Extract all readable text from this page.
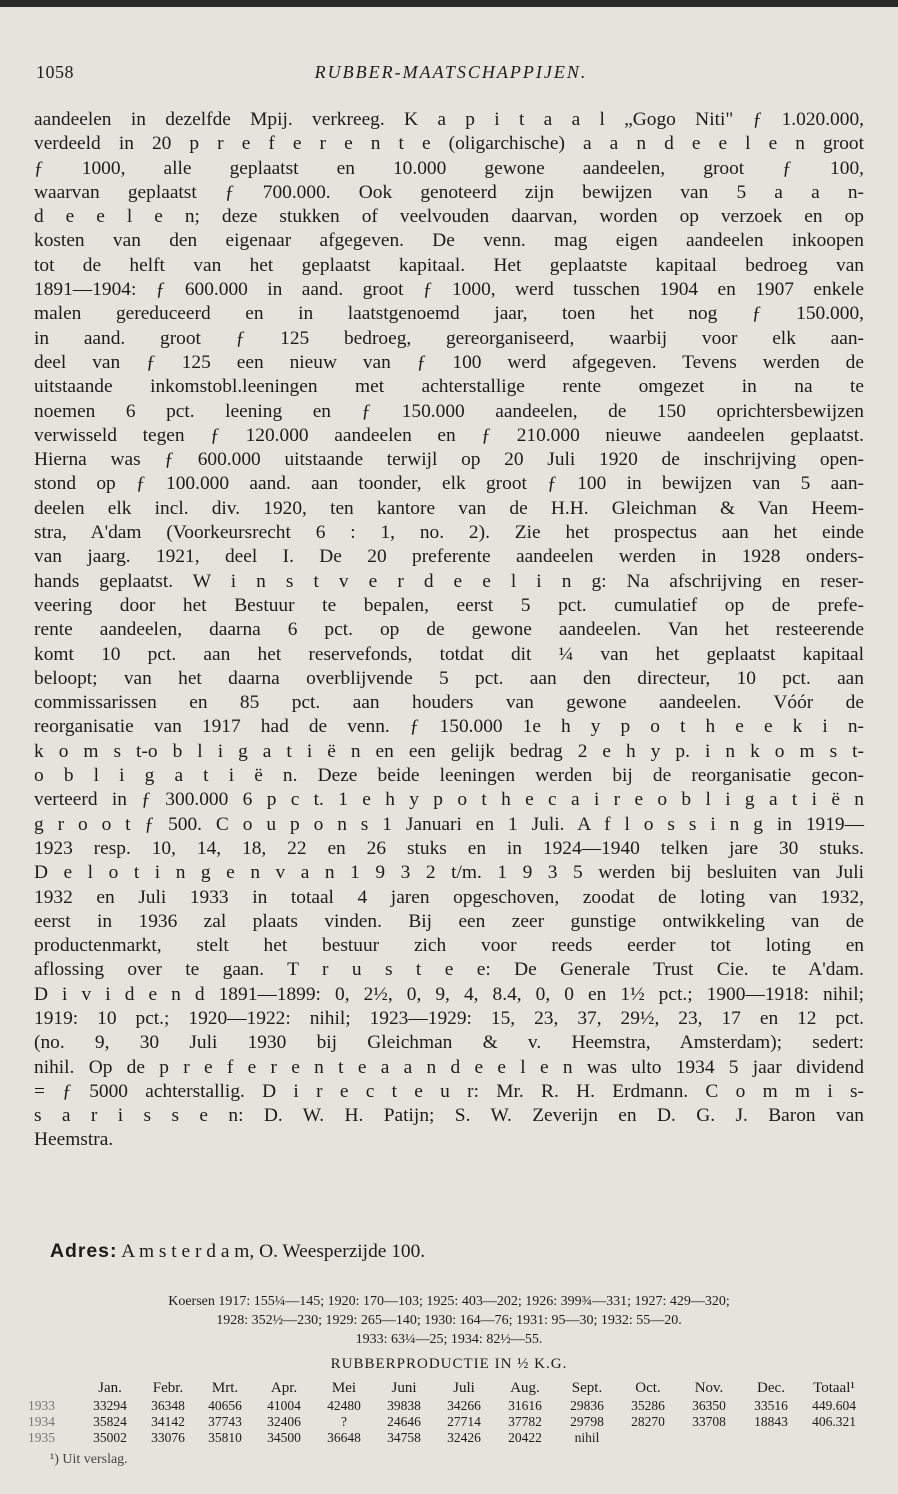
1058	RUBBER-MAATSCHAPPIJEN.
aandeelen in dezelfde Mpij. verkreeg. K a p i t a a l „Gogo Niti" ƒ 1.020.000,
verdeeld in 20 p r e f e r e n t e (oligarchische) a a n d e e l e n groot
ƒ 1000, alle geplaatst en 10.000 gewone aandeelen, groot ƒ 100,
waarvan geplaatst ƒ 700.000. Ook genoteerd zijn bewijzen van 5 a a n-
d e e l e n; deze stukken of veelvouden daarvan, worden op verzoek en op
kosten van den eigenaar afgegeven. De venn. mag eigen aandeelen inkoopen
tot de helft van het geplaatst kapitaal. Het geplaatste kapitaal bedroeg van
1891—1904: ƒ 600.000 in aand. groot ƒ 1000, werd tusschen 1904 en 1907 enkele
malen gereduceerd en in laatstgenoemd jaar, toen het nog ƒ 150.000,
in aand. groot ƒ 125 bedroeg, gereorganiseerd, waarbij voor elk aan-
deel van ƒ 125 een nieuw van ƒ 100 werd afgegeven. Tevens werden de
uitstaande inkomstobl.leeningen met achterstallige rente omgezet in na te
noemen 6 pct. leening en ƒ 150.000 aandeelen, de 150 oprichtersbewijzen
verwisseld tegen ƒ 120.000 aandeelen en ƒ 210.000 nieuwe aandeelen geplaatst.
Hierna was ƒ 600.000 uitstaande terwijl op 20 Juli 1920 de inschrijving open-
stond op ƒ 100.000 aand. aan toonder, elk groot ƒ 100 in bewijzen van 5 aan-
deelen elk incl. div. 1920, ten kantore van de H.H. Gleichman & Van Heem-
stra, A'dam (Voorkeursrecht 6 : 1, no. 2). Zie het prospectus aan het einde
van jaarg. 1921, deel I. De 20 preferente aandeelen werden in 1928 onders-
hands geplaatst. W i n s t v e r d e e l i n g: Na afschrijving en reser-
veering door het Bestuur te bepalen, eerst 5 pct. cumulatief op de prefe-
rente aandeelen, daarna 6 pct. op de gewone aandeelen. Van het resteerende
komt 10 pct. aan het reservefonds, totdat dit ¼ van het geplaatst kapitaal
beloopt; van het daarna overblijvende 5 pct. aan den directeur, 10 pct. aan
commissarissen en 85 pct. aan houders van gewone aandeelen. Vóór de
reorganisatie van 1917 had de venn. ƒ 150.000 1e h y p o t h e e k i n-
k o m s t-o b l i g a t i ë n en een gelijk bedrag 2 e h y p. i n k o m s t-
o b l i g a t i ë n. Deze beide leeningen werden bij de reorganisatie gecon-
verteerd in ƒ 300.000 6 p c t. 1 e h y p o t h e c a i r e o b l i g a t i ë n
g r o o t ƒ 500. C o u p o n s 1 Januari en 1 Juli. A f l o s s i n g in 1919—
1923 resp. 10, 14, 18, 22 en 26 stuks en in 1924—1940 telken jare 30 stuks.
D e l o t i n g e n v a n 1 9 3 2 t/m. 1 9 3 5 werden bij besluiten van Juli
1932 en Juli 1933 in totaal 4 jaren opgeschoven, zoodat de loting van 1932,
eerst in 1936 zal plaats vinden. Bij een zeer gunstige ontwikkeling van de
productenmarkt, stelt het bestuur zich voor reeds eerder tot loting en
aflossing over te gaan. T r u s t e e: De Generale Trust Cie. te A'dam.
D i v i d e n d 1891—1899: 0, 2½, 0, 9, 4, 8.4, 0, 0 en 1½ pct.; 1900—1918: nihil;
1919: 10 pct.; 1920—1922: nihil; 1923—1929: 15, 23, 37, 29½, 23, 17 en 12 pct.
(no. 9, 30 Juli 1930 bij Gleichman & v. Heemstra, Amsterdam); sedert:
nihil. Op de p r e f e r e n t e a a n d e e l e n was ulto 1934 5 jaar dividend
= ƒ 5000 achterstallig. D i r e c t e u r: Mr. R. H. Erdmann. C o m m i s-
s a r i s s e n: D. W. H. Patijn; S. W. Zeverijn en D. G. J. Baron van
Heemstra.
Adres: A m s t e r d a m, O. Weesperzijde 100.
Koersen 1917: 155¼—145; 1920: 170—103; 1925: 403—202; 1926: 399¾—331; 1927: 429—320;
1928: 352½—230; 1929: 265—140; 1930: 164—76; 1931: 95—30; 1932: 55—20.
1933: 63¼—25; 1934: 82½—55.
RUBBERPRODUCTIE IN ½ K.G.
	Jan.	Febr.	Mrt.	Apr.	Mei	Juni	Juli	Aug.	Sept.	Oct.	Nov.	Dec.	Totaal¹
1933	33294	36348	40656	41004	42480	39838	34266	31616	29836	35286	36350	33516	449.604
1934	35824	34142	37743	32406	?	24646	27714	37782	29798	28270	33708	18843	406.321
1935	35002	33076	35810	34500	36648	34758	32426	20422	nihil				
¹) Uit verslag.
